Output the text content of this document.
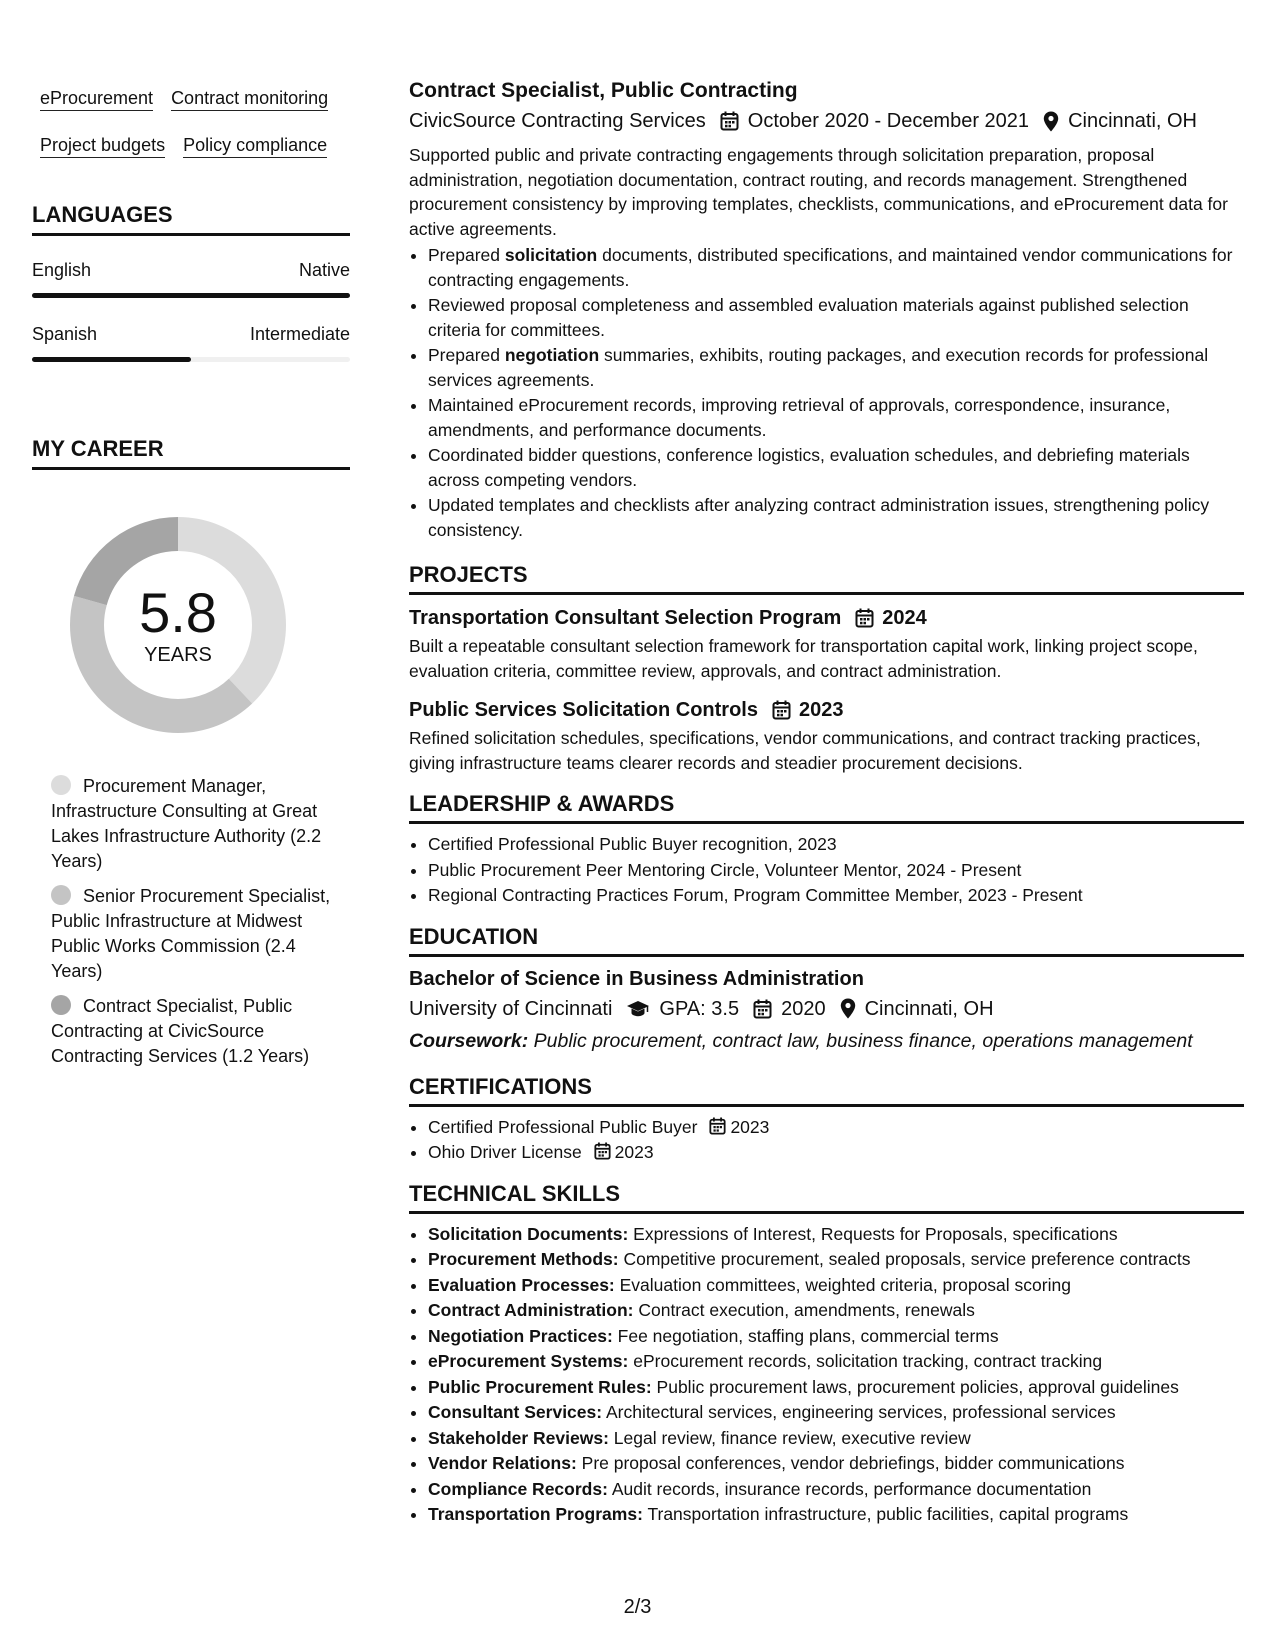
eProcurement Contract monitoring
Project budgets Policy compliance
LANGUAGES
English	Native
Spanish	Intermediate
MY CAREER
5.8
YEARS
Procurement Manager, Infrastructure Consulting at Great Lakes Infrastructure Authority (2.2 Years)
Senior Procurement Specialist, Public Infrastructure at Midwest Public Works Commission (2.4 Years)
Contract Specialist, Public Contracting at CivicSource Contracting Services (1.2 Years)
Contract Specialist, Public Contracting
CivicSource Contracting Services October 2020 - December 2021 Cincinnati, OH
Supported public and private contracting engagements through solicitation preparation, proposal administration, negotiation documentation, contract routing, and records management. Strengthened procurement consistency by improving templates, checklists, communications, and eProcurement data for active agreements.
• Prepared solicitation documents, distributed specifications, and maintained vendor communications for contracting engagements.
• Reviewed proposal completeness and assembled evaluation materials against published selection criteria for committees.
• Prepared negotiation summaries, exhibits, routing packages, and execution records for professional services agreements.
• Maintained eProcurement records, improving retrieval of approvals, correspondence, insurance, amendments, and performance documents.
• Coordinated bidder questions, conference logistics, evaluation schedules, and debriefing materials across competing vendors.
• Updated templates and checklists after analyzing contract administration issues, strengthening policy consistency.
PROJECTS
Transportation Consultant Selection Program 2024
Built a repeatable consultant selection framework for transportation capital work, linking project scope, evaluation criteria, committee review, approvals, and contract administration.
Public Services Solicitation Controls 2023
Refined solicitation schedules, specifications, vendor communications, and contract tracking practices, giving infrastructure teams clearer records and steadier procurement decisions.
LEADERSHIP & AWARDS
• Certified Professional Public Buyer recognition, 2023
• Public Procurement Peer Mentoring Circle, Volunteer Mentor, 2024 - Present
• Regional Contracting Practices Forum, Program Committee Member, 2023 - Present
EDUCATION
Bachelor of Science in Business Administration
University of Cincinnati GPA: 3.5 2020 Cincinnati, OH
Coursework: Public procurement, contract law, business finance, operations management
CERTIFICATIONS
• Certified Professional Public Buyer 2023
• Ohio Driver License 2023
TECHNICAL SKILLS
• Solicitation Documents: Expressions of Interest, Requests for Proposals, specifications
• Procurement Methods: Competitive procurement, sealed proposals, service preference contracts
• Evaluation Processes: Evaluation committees, weighted criteria, proposal scoring
• Contract Administration: Contract execution, amendments, renewals
• Negotiation Practices: Fee negotiation, staffing plans, commercial terms
• eProcurement Systems: eProcurement records, solicitation tracking, contract tracking
• Public Procurement Rules: Public procurement laws, procurement policies, approval guidelines
• Consultant Services: Architectural services, engineering services, professional services
• Stakeholder Reviews: Legal review, finance review, executive review
• Vendor Relations: Pre proposal conferences, vendor debriefings, bidder communications
• Compliance Records: Audit records, insurance records, performance documentation
• Transportation Programs: Transportation infrastructure, public facilities, capital programs
2/3
